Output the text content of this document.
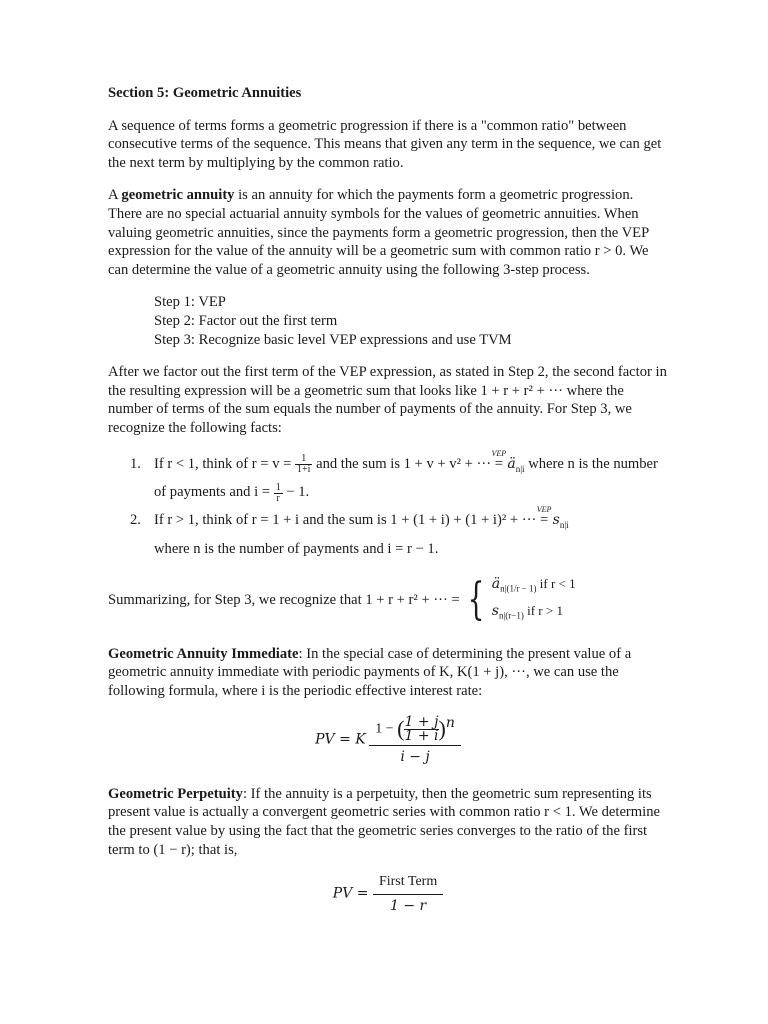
Section 5: Geometric Annuities

A sequence of terms forms a geometric progression if there is a "common ratio" between consecutive terms of the sequence. This means that given any term in the sequence, we can get the next term by multiplying by the common ratio.

A geometric annuity is an annuity for which the payments form a geometric progression. There are no special actuarial annuity symbols for the values of geometric annuities. When valuing geometric annuities, since the payments form a geometric progression, then the VEP expression for the value of the annuity will be a geometric sum with common ratio r > 0. We can determine the value of a geometric annuity using the following 3-step process.

Step 1: VEP
Step 2: Factor out the first term
Step 3: Recognize basic level VEP expressions and use TVM

After we factor out the first term of the VEP expression, as stated in Step 2, the second factor in the resulting expression will be a geometric sum that looks like 1 + r + r² + ··· where the number of terms of the sum equals the number of payments of the annuity. For Step 3, we recognize the following facts:

1. If r < 1, think of $r = v = \frac{1}{1+i}$ and the sum is 1 + v + v² + ···
VEP
= $ä_{n|i}$ where n is the number of payments and $i = \frac{1}{r} - 1$.
2. If r > 1, think of r = 1 + i and the sum is 1 + (1 + i) + (1 + i)² + ···
VEP
= $s_{n|i}$
where n is the number of payments and i = r − 1.
Summarizing, for Step 3, we recognize that 1 + r + r² + ··· = { $ä_{n|(1/r - 1)}$ if r < 1
$s_{n|(r-1)}$ if r > 1

Geometric Annuity Immediate: In the special case of determining the present value of a geometric annuity immediate with periodic payments of K, K(1 + j), ···, we can use the following formula, where i is the periodic effective interest rate:

PV = K $\frac{1 - ( \frac{1 + j}{1 + i} )^n}{i - j}$

Geometric Perpetuity: If the annuity is a perpetuity, then the geometric sum representing its present value is actually a convergent geometric series with common ratio r < 1. We determine the present value by using the fact that the geometric series converges to the ratio of the first term to (1 − r); that is,

PV =
First Term
1 − r
